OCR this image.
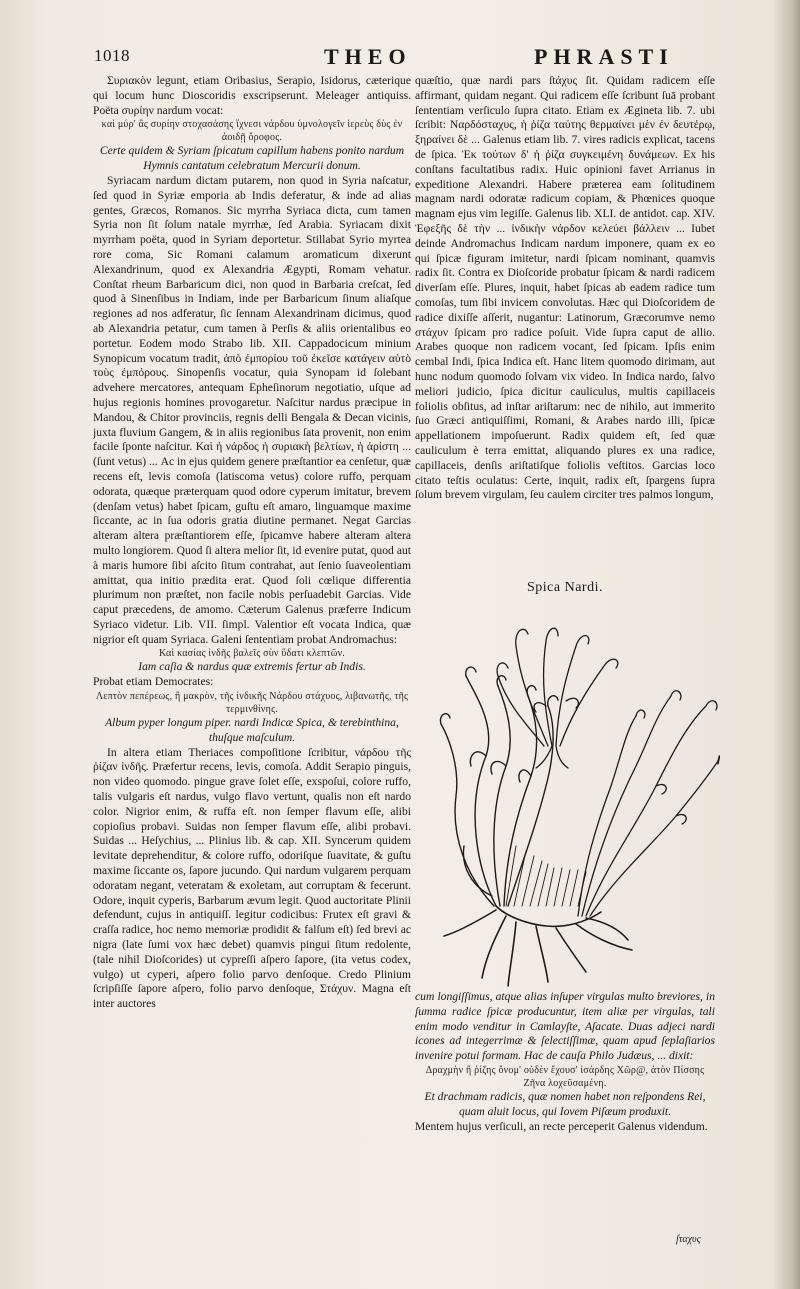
1018	THEO	PHRASTI

Συριακὸν legunt, etiam Oribasius, Serapio, Isidorus, cæterique qui locum hunc Dioscoridis exscripserunt. Meleager antiquiss. Poëta συρίην nardum vocat:

καὶ μύρ' ἃς συρίην στοχασάσης ἴχνεσι νάρδου ὑμνολογεῖν ἱερεὺς δὺς ἐν ἀοιδῇ ὄροφος.

Certe quidem & Syriam ſpicatum capillum habens ponito nardum

Hymnis cantatum celebratum Mercurii donum.

Syriacam nardum dictam putarem, non quod in Syria naſcatur, ſed quod in Syriæ emporia ab Indis deferatur, & inde ad alias gentes, Græcos, Romanos. Sic myrrha Syriaca dicta, cum tamen Syria non ſit ſolum natale myrrhæ, ſed Arabia. Syriacam dixit myrrham poëta, quod in Syriam deportetur. Stillabat Syrio myrtea rore coma, Sic Romani calamum aromaticum dixerunt Alexandrinum, quod ex Alexandria Ægypti, Romam vehatur. Conſtat rheum Barbaricum dici, non quod in Barbaria creſcat, ſed quod à Sinenſibus in Indiam, inde per Barbaricum ſinum aliaſque regiones ad nos adferatur, ſic ſennam Alexandrinam dicimus, quod ab Alexandria petatur, cum tamen à Perſis & aliis orientalibus eo portetur. Eodem modo Strabo lib. XII. Cappadocicum minium Synopicum vocatum tradit, ἀπὸ ἐμπορίου τοῦ ἐκεῖσε κατάγειν αὐτὸ τοὺς ἐμπόρους. Sinopenſis vocatur, quia Synopam id ſolebant advehere mercatores, antequam Epheſinorum negotiatio, uſque ad hujus regionis homines provogaretur. Naſcitur nardus præcipue in Mandou, & Chitor provinciis, regnis delli Bengala & Decan vicinis, juxta fluvium Gangem, & in aliis regionibus ſata provenit, non enim facile ſponte naſcitur. Καὶ ἡ νάρδος ἡ συριακὴ βελτίων, ἡ ἀρίστη ... (ſunt vetus) ... Ac in ejus quidem genere præſtantior ea cenſetur, quæ recens eſt, levis comoſa (latiscoma vetus) colore ruffo, perquam odorata, quæque præterquam quod odore cyperum imitatur, brevem (denſam vetus) habet ſpicam, guſtu eſt amaro, linguamque maxime ſiccante, ac in ſua odoris gratia diutine permanet. Negat Garcias alteram altera præſtantiorem eſſe, ſpicamve habere alteram altera multo longiorem. Quod ſi altera melior ſit, id evenire putat, quod aut à maris humore ſibi aſcito ſitum contrahat, aut ſenio ſuaveolentiam amittat, qua initio prædita erat. Quod ſoli cœlique differentia plurimum non præſtet, non facile nobis perſuadebit Garcias. Vide caput præcedens, de amomo. Cæterum Galenus præferre Indicum Syriaco videtur. Lib. VII. ſimpl. Valentior eſt vocata Indica, quæ nigrior eſt quam Syriaca. Galeni ſententiam probat Andromachus:

Καὶ κασίας ἰνδῆς βαλεῖς σὺν ὕδατι κλεπτῶν.

Iam caſia & nardus quæ extremis fertur ab Indis.

Probat etiam Democrates:

Λεπτὸν πεπέρεως, ἢ μακρὸν, τῆς ἰνδικῆς Νάρδου στάχυος, λιβανωτῆς, τῆς τερμινθίνης.

Album pyper longum piper. nardi Indicæ Spica, & terebinthina, thuſque maſculum.

In altera etiam Theriaces compoſitione ſcribitur, νάρδου τῆς ῥίζαν ἰνδῆς. Præfertur recens, levis, comoſa. Addit Serapio pinguis, non video quomodo. pingue grave ſolet eſſe, exspoſui, colore ruffo, talis vulgaris eſt nardus, vulgo flavo vertunt, qualis non eſt nardo color. Nigrior enim, & ruffa eſt. non ſemper flavum eſſe, alibi copioſius probavi. Suidas non ſemper flavum eſſe, alibi probavi. Suidas ... Heſychius, ... Plinius lib. & cap. XII. Syncerum quidem levitate deprehenditur, & colore ruffo, odoriſque ſuavitate, & guſtu maxime ſiccante os, ſapore jucundo. Qui nardum vulgarem perquam odoratam negant, veteratam & exoletam, aut corruptam & fecerunt. Odore, inquit cyperis, Barbarum ævum legit. Quod auctoritate Plinii defendunt, cujus in antiquiſſ. legitur codicibus: Frutex eſt gravi & craſſa radice, hoc nemo memoriæ prodidit & falſum eſt) ſed brevi ac nigra (late ſumi vox hæc debet) quamvis pingui ſitum redolente, (tale nihil Dioſcorides) ut cypreſſi aſpero ſapore, (ita vetus codex, vulgo) ut cyperi, aſpero folio parvo denſoque. Credo Plinium ſcripſiſſe ſapore aſpero, folio parvo denſoque, Στάχυν. Magna eſt inter auctores

quæſtio, quæ nardi pars ſtάχυς ſit. Quidam radicem eſſe affirmant, quidam negant. Qui radicem eſſe ſcribunt ſuā probant ſententiam verſiculo ſupra citato. Etiam ex Ægineta lib. 7. ubi ſcribit: Ναρδόσταχυς, ἡ ῥίζα ταύτης θερμαίνει μὲν ἐν δευτέρῳ, ξηραίνει δὲ ... Galenus etiam lib. 7. vires radicis explicat, tacens de ſpica. Ἐκ τούτων δ' ἡ ῥίζα συγκειμένη δυνάμεων. Ex his conſtans facultatibus radix. Huic opinioni favet Arrianus in expeditione Alexandri. Habere præterea eam ſolitudinem magnam nardi odoratæ radicum copiam, & Phœnices quoque magnam ejus vim legiſſe. Galenus lib. XLI. de antidot. cap. XIV. Ἐφεξῆς δὲ τὴν ... ἰνδικὴν νάρδον κελεύει βάλλειν ... Iubet deinde Andromachus Indicam nardum imponere, quam ex eo qui ſpicæ figuram imitetur, nardi ſpicam nominant, quamvis radix ſit. Contra ex Dioſcoride probatur ſpicam & nardi radicem diverſam eſſe. Plures, inquit, habet ſpicas ab eadem radice tum comoſas, tum ſibi invicem convolutas. Hæc qui Dioſcoridem de radice dixiſſe aſſerit, nugantur: Latinorum, Græcorumve nemo στάχυν ſpicam pro radice poſuit. Vide ſupra caput de allio. Arabes quoque non radicem vocant, ſed ſpicam. Ipſis enim cembal Indi, ſpica Indica eſt. Hanc litem quomodo dirimam, aut hunc nodum quomodo ſolvam vix video. In Indica nardo, ſalvo meliori judicio, ſpica dicitur cauliculus, multis capillaceis foliolis obſitus, ad inſtar ariſtarum: nec de nihilo, aut immerito ſuo Græci antiquiſſimi, Romani, & Arabes nardo illi, ſpicæ appellationem impoſuerunt. Radix quidem eſt, ſed quæ cauliculum è terra emittat, aliquando plures ex una radice, capillaceis, denſis ariſtatiſque foliolis veſtitos. Garcias loco citato teſtis oculatus: Certe, inquit, radix eſt, ſpargens ſupra ſolum brevem virgulam, ſeu caulem circiter tres palmos longum,

Spica Nardi.

cum longiſſimus, atque alias inſuper virgulas multo breviores, in ſumma radice ſpicæ producuntur, item aliæ per virgulas, tali enim modo venditur in Camlayſte, Aſacate. Duas adjeci nardi icones ad integerrimæ & ſelectiſſimæ, quam apud ſeplaſiarios invenire potui formam. Hac de cauſa Philo Judæus, ... dixit:

Δραχμὴν ἢ ῥίζης ὄνομ' οὐδὲν ἔχουσ' ἰσάρδης Χῶρ@, ἀτὸν Πίσσης Ζῆνα λοχεῦσαμένη.

Et drachmam radicis, quæ nomen habet non reſpondens Rei, quam aluit locus, qui Iovem Piſæum produxit.

Mentem hujus verſiculi, an recte perceperit Galenus videndum.

ſταχυς
